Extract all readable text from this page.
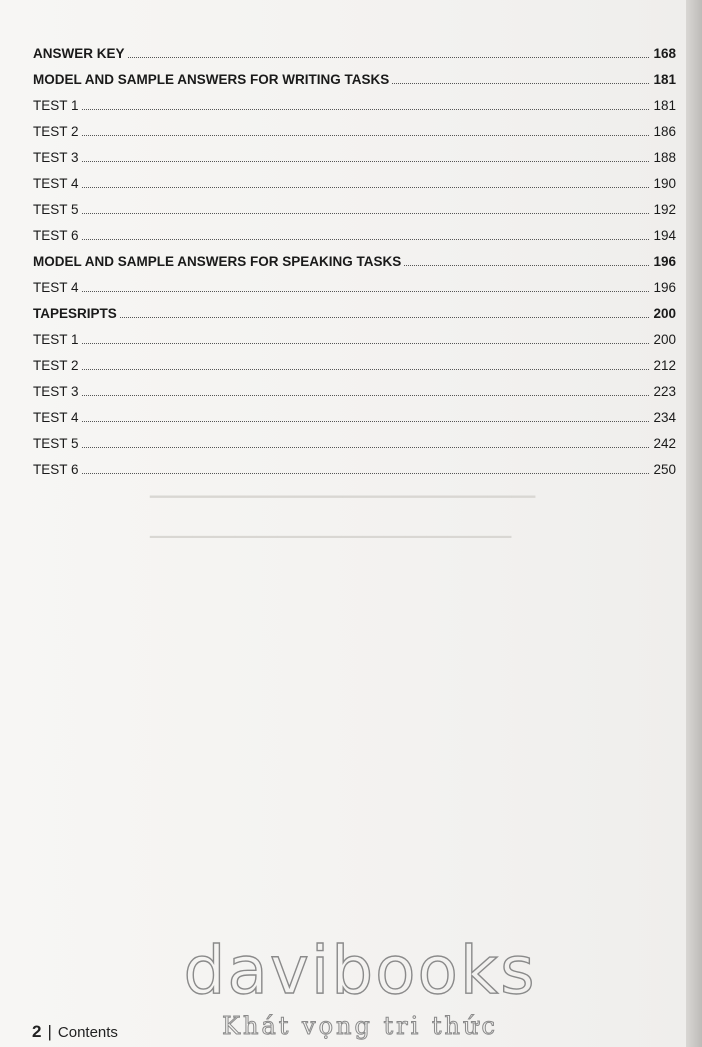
────────────────
─────────────────
ANSWER KEY	168
MODEL AND SAMPLE ANSWERS FOR WRITING TASKS	181
TEST 1	181
TEST 2	186
TEST 3	188
TEST 4	190
TEST 5	192
TEST 6	194
MODEL AND SAMPLE ANSWERS FOR SPEAKING TASKS	196
TEST 4	196
TAPESRIPTS	200
TEST 1	200
TEST 2	212
TEST 3	223
TEST 4	234
TEST 5	242
TEST 6	250
2 | Contents
davibooks
Khát vọng tri thức
